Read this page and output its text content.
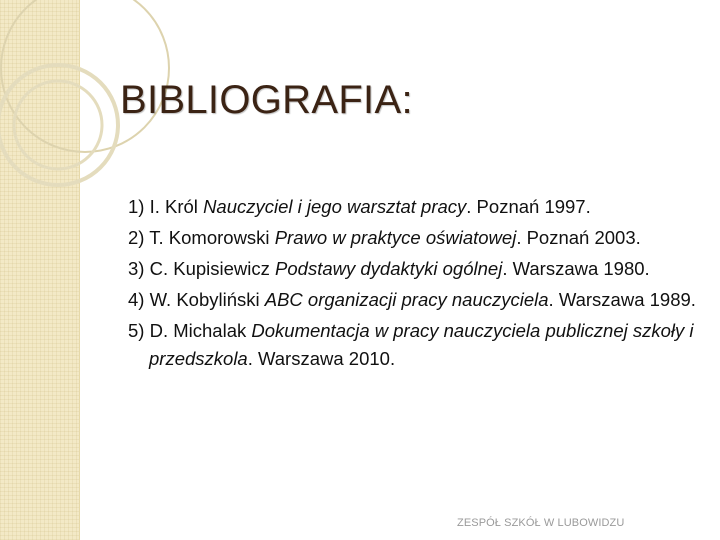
BIBLIOGRAFIA:
1) I. Król Nauczyciel i jego warsztat pracy. Poznań 1997.
2) T. Komorowski Prawo w praktyce oświatowej. Poznań 2003.
3) C. Kupisiewicz Podstawy dydaktyki ogólnej. Warszawa 1980.
4) W. Kobyliński ABC organizacji pracy nauczyciela. Warszawa 1989.
5) D. Michalak Dokumentacja w pracy nauczyciela publicznej szkoły i przedszkola. Warszawa 2010.
ZESPÓŁ SZKÓŁ W LUBOWIDZU
